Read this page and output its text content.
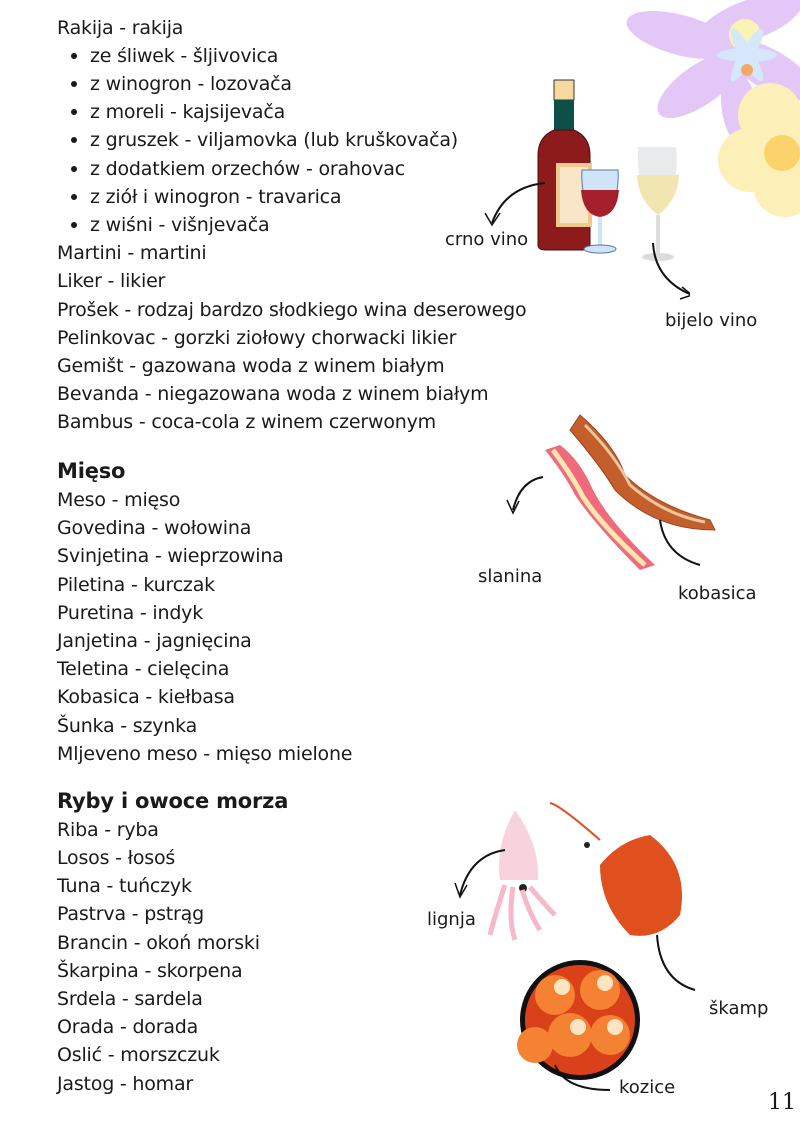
Rakija - rakija
ze śliwek - šljivovica
z winogron - lozovača
z moreli - kajsijevača
z gruszek - viljamovka (lub kruškovača)
z dodatkiem orzechów - orahovac
z ziół i winogron - travarica
z wiśni - višnjevača
Martini - martini
Liker - likier
Prošek - rodzaj bardzo słodkiego wina deserowego
Pelinkovac - gorzki ziołowy chorwacki likier
Gemišt - gazowana woda z winem białym
Bevanda - niegazowana woda z winem białym
Bambus - coca-cola z winem czerwonym
crno vino
bijelo vino
Mięso
Meso - mięso
Govedina - wołowina
Svinjetina - wieprzowina
Piletina - kurczak
Puretina - indyk
Janjetina - jagnięcina
Teletina - cielęcina
Kobasica - kiełbasa
Šunka - szynka
Mljeveno meso - mięso mielone
slanina
kobasica
Ryby i owoce morza
Riba - ryba
Losos - łosoś
Tuna - tuńczyk
Pastrva - pstrąg
Brancin - okoń morski
Škarpina - skorpena
Srdela - sardela
Orada - dorada
Oslić - morszczuk
Jastog - homar
lignja
škamp
kozice
11
